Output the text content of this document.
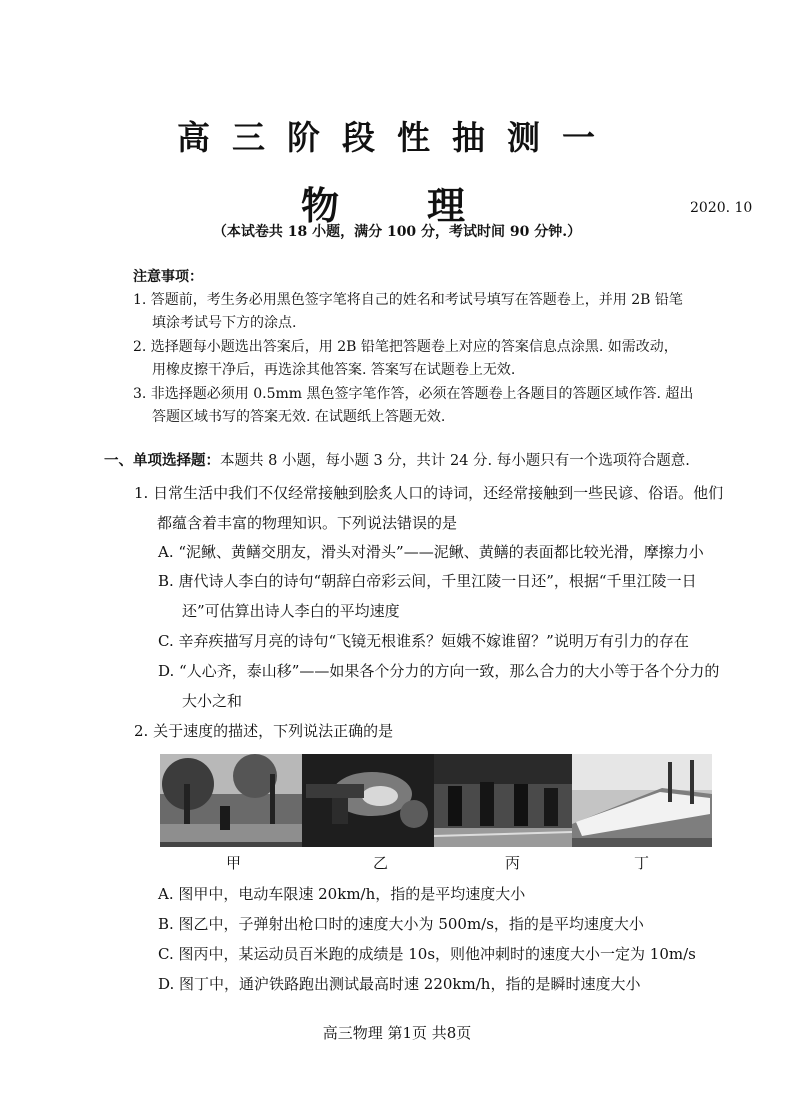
高三阶段性抽测一
物理	2020. 10
（本试卷共 18 小题，满分 100 分，考试时间 90 分钟.）
注意事项：
1. 答题前，考生务必用黑色签字笔将自己的姓名和考试号填写在答题卷上，并用 2B 铅笔
填涂考试号下方的涂点.
2. 选择题每小题选出答案后，用 2B 铅笔把答题卷上对应的答案信息点涂黑. 如需改动，
用橡皮擦干净后，再选涂其他答案. 答案写在试题卷上无效.
3. 非选择题必须用 0.5mm 黑色签字笔作答，必须在答题卷上各题目的答题区域作答. 超出
答题区域书写的答案无效. 在试题纸上答题无效.
一、单项选择题：本题共 8 小题，每小题 3 分，共计 24 分. 每小题只有一个选项符合题意.
1. 日常生活中我们不仅经常接触到脍炙人口的诗词，还经常接触到一些民谚、俗语。他们
都蕴含着丰富的物理知识。下列说法错误的是
A. “泥鳅、黄鳝交朋友，滑头对滑头”——泥鳅、黄鳝的表面都比较光滑，摩擦力小
B. 唐代诗人李白的诗句“朝辞白帝彩云间，千里江陵一日还”，根据“千里江陵一日
还”可估算出诗人李白的平均速度
C. 辛弃疾描写月亮的诗句“飞镜无根谁系？姮娥不嫁谁留？”说明万有引力的存在
D. “人心齐，泰山移”——如果各个分力的方向一致，那么合力的大小等于各个分力的
大小之和
2. 关于速度的描述，下列说法正确的是
甲	乙	丙	丁
A. 图甲中，电动车限速 20km/h，指的是平均速度大小
B. 图乙中，子弹射出枪口时的速度大小为 500m/s，指的是平均速度大小
C. 图丙中，某运动员百米跑的成绩是 10s，则他冲刺时的速度大小一定为 10m/s
D. 图丁中，通沪铁路跑出测试最高时速 220km/h，指的是瞬时速度大小
高三物理 第1页 共8页
